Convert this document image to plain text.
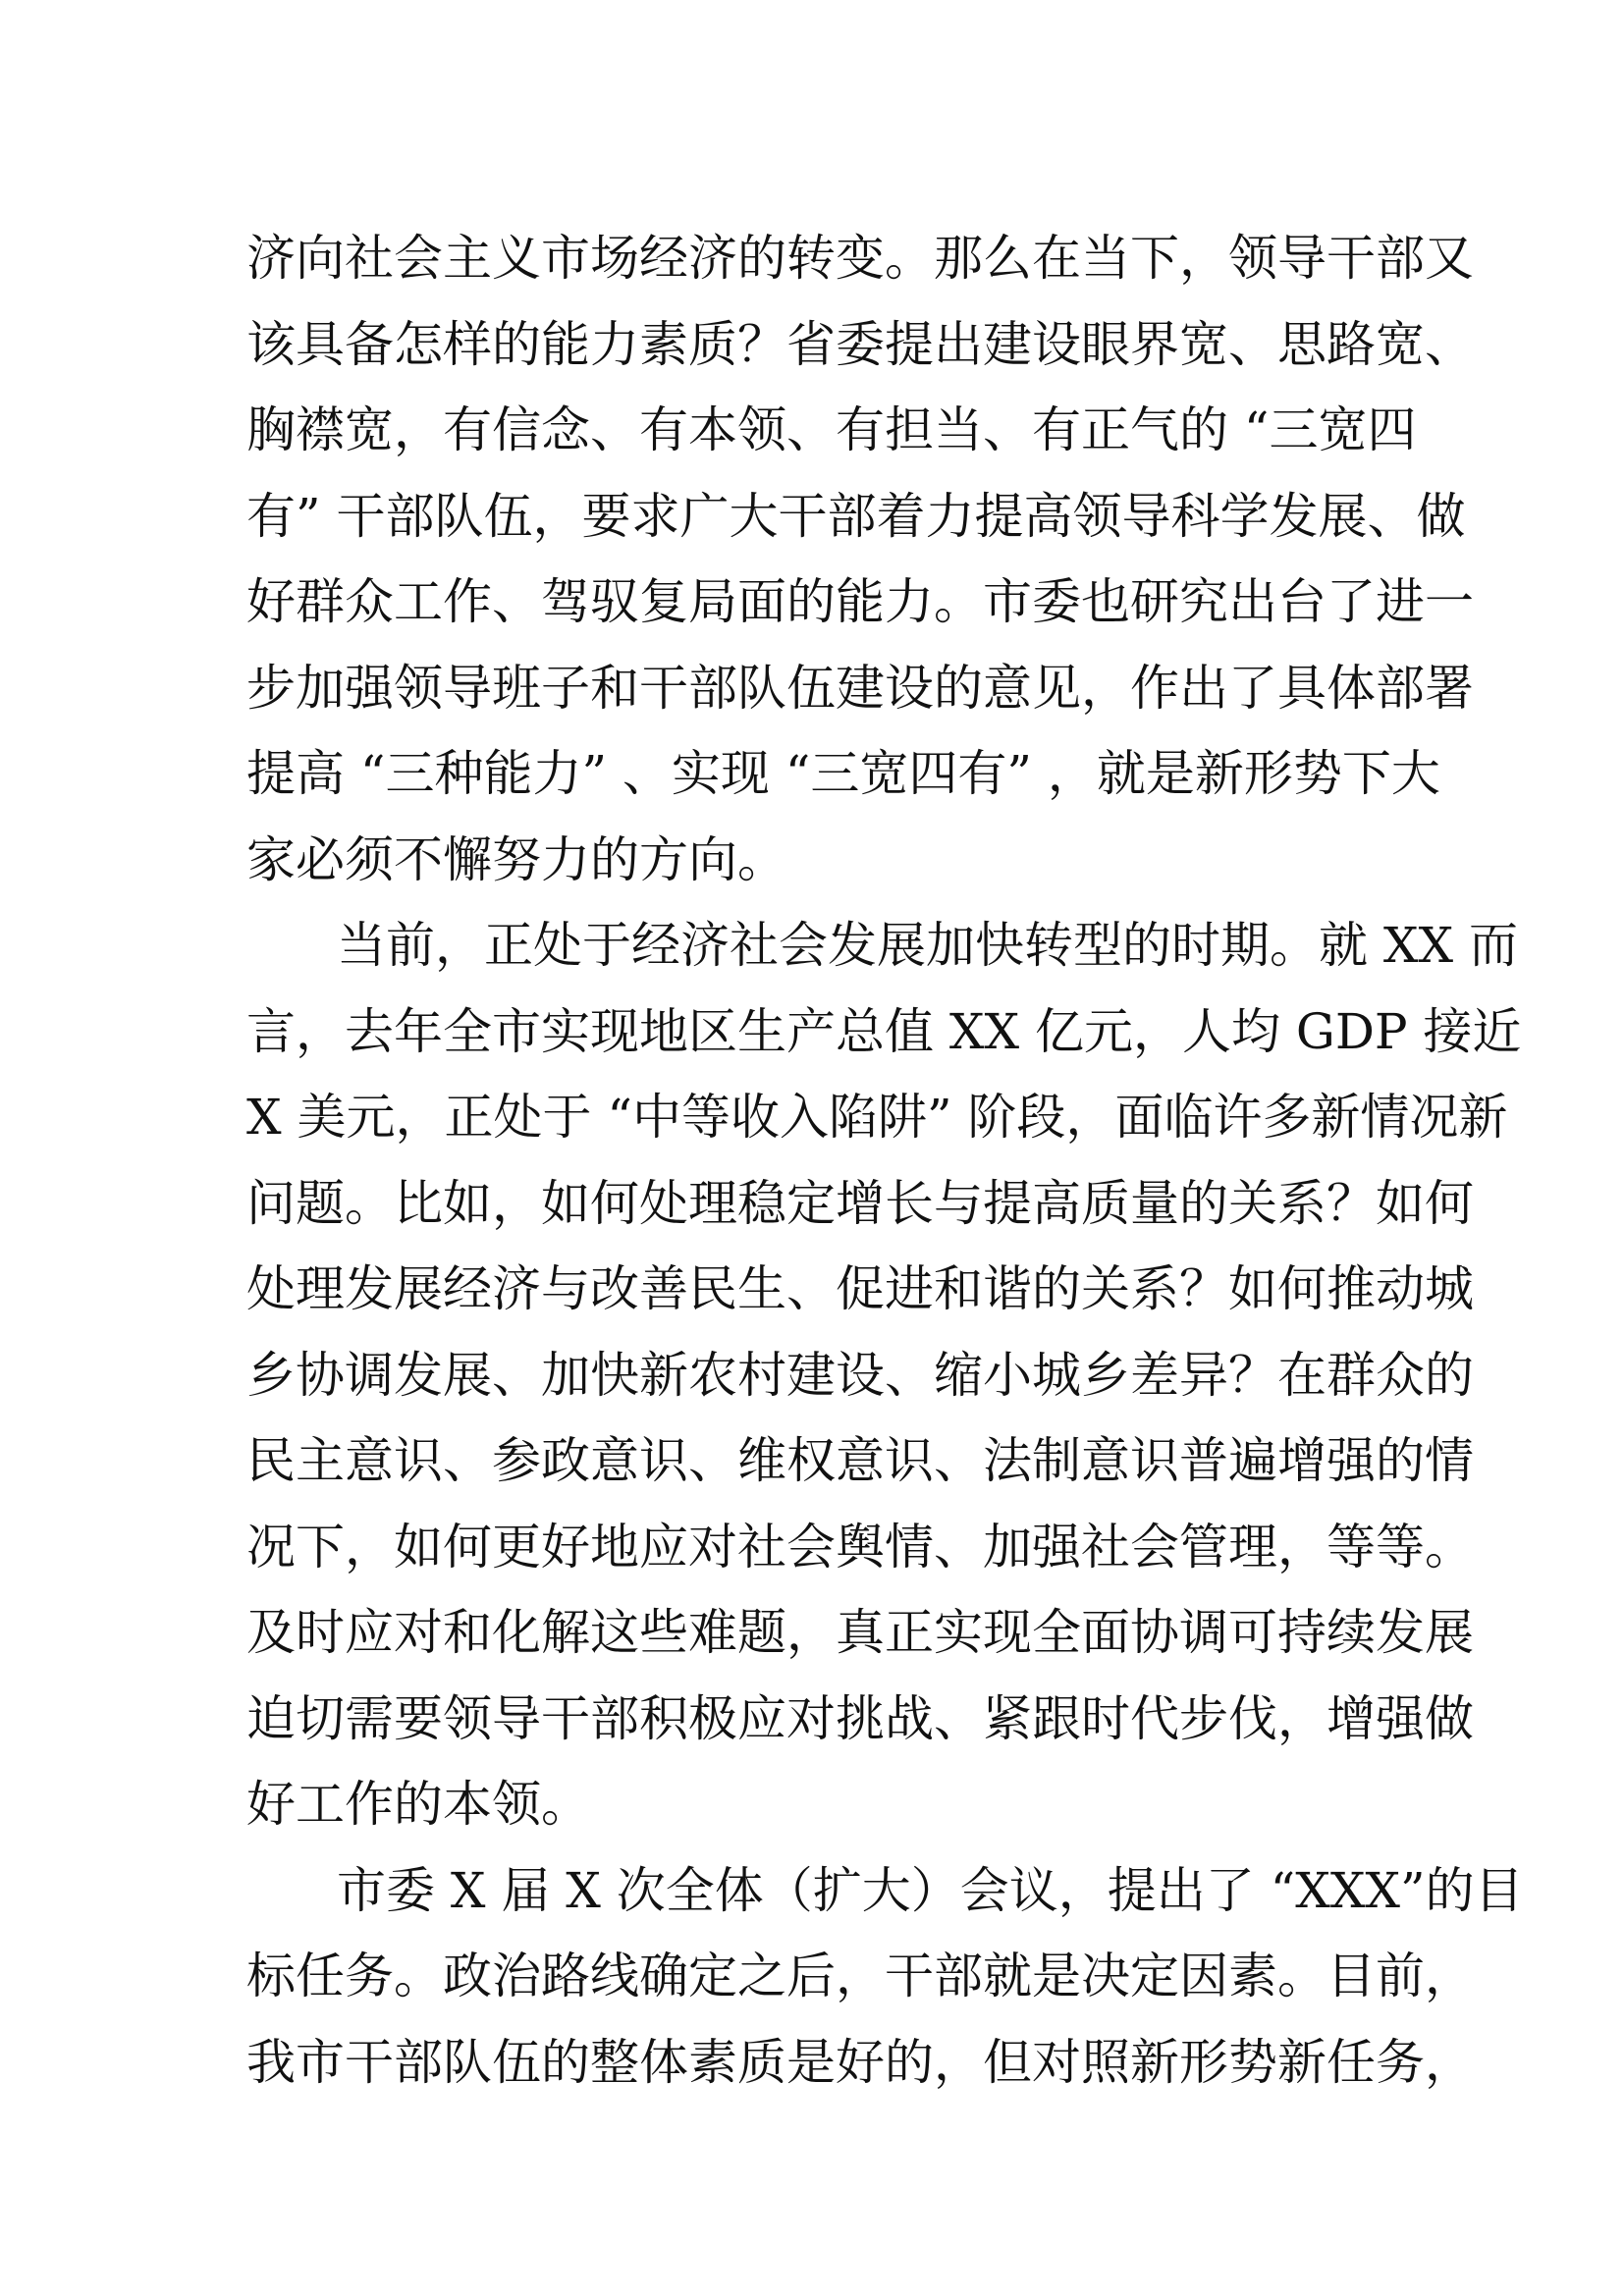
济向社会主义市场经济的转变。那么在当下，领导干部又
该具备怎样的能力素质？省委提出建设眼界宽、思路宽、
胸襟宽，有信念、有本领、有担当、有正气的 “三宽四
有” 干部队伍，要求广大干部着力提高领导科学发展、做
好群众工作、驾驭复局面的能力。市委也研究出台了进一
步加强领导班子和干部队伍建设的意见，作出了具体部署
提高 “三种能力” 、实现 “三宽四有” ，就是新形势下大
家必须不懈努力的方向。
当前，正处于经济社会发展加快转型的时期。就 XX 而
言，去年全市实现地区生产总值 XX 亿元，人均 GDP 接近
X 美元，正处于 “中等收入陷阱” 阶段，面临许多新情况新
问题。比如，如何处理稳定增长与提高质量的关系？如何
处理发展经济与改善民生、促进和谐的关系？如何推动城
乡协调发展、加快新农村建设、缩小城乡差异？在群众的
民主意识、参政意识、维权意识、法制意识普遍增强的情
况下，如何更好地应对社会舆情、加强社会管理，等等。
及时应对和化解这些难题，真正实现全面协调可持续发展
迫切需要领导干部积极应对挑战、紧跟时代步伐，增强做
好工作的本领。
市委 X 届 X 次全体（扩大）会议，提出了 “XXX”的目
标任务。政治路线确定之后，干部就是决定因素。目前，
我市干部队伍的整体素质是好的，但对照新形势新任务，
